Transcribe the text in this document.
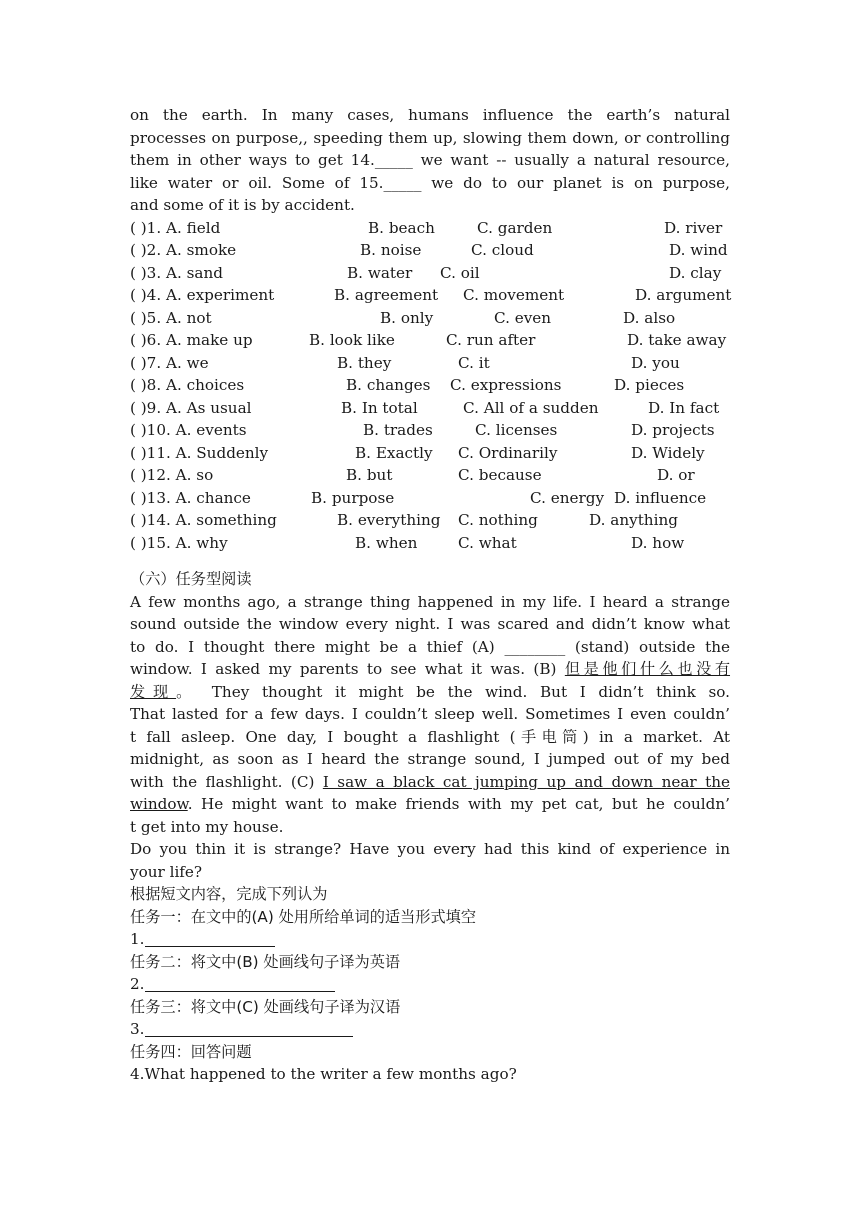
on the earth. In many cases, humans influence the earth’s natural
processes on purpose,, speeding them up, slowing them down, or controlling
them in other ways to get 14._____ we want -- usually a natural resource,
like water or oil. Some of 15._____ we do to our planet is on purpose,
and some of it is by accident.
( )1. A. field	B. beach	C. garden	D. river
( )2. A. smoke	B. noise	C. cloud	D. wind
( )3. A. sand	B. water C. oil	D. clay
( )4. A. experiment	B. agreement C. movement	D. argument
( )5. A. not	B. only	C. even	D. also
( )6. A. make up	B. look like	C. run after	D. take away
( )7. A. we	B. they	C. it	D. you
( )8. A. choices	B. changes C. expressions	D. pieces
( )9. A. As usual	B. In total	C. All of a sudden	D. In fact
( )10. A. events	B. trades	C. licenses	D. projects
( )11. A. Suddenly	B. Exactly C. Ordinarily	D. Widely
( )12. A. so	B. but	C. because	D. or
( )13. A. chance	B. purpose	C. energy D. influence
( )14. A. something	B. everything C. nothing	D. anything
( )15. A. why	B. when	C. what	D. how
（六）任务型阅读
A few months ago, a strange thing happened in my life. I heard a strange
sound outside the window every night. I was scared and didn’t know what
to do. I thought there might be a thief (A) ________ (stand) outside the
window. I asked my parents to see what it was. (B) 但是他们什么也没有
发现。 They thought it might be the wind. But I didn’t think so.
That lasted for a few days. I couldn’t sleep well. Sometimes I even couldn’
t fall asleep. One day, I bought a flashlight (手电筒) in a market. At
midnight, as soon as I heard the strange sound, I jumped out of my bed
with the flashlight. (C) I saw a black cat jumping up and down near the
window. He might want to make friends with my pet cat, but he couldn’
t get into my house.
Do you thin it is strange? Have you every had this kind of experience in
your life?
根据短文内容，完成下列认为
任务一：在文中的(A) 处用所给单词的适当形式填空
1.
任务二：将文中(B) 处画线句子译为英语
2.
任务三：将文中(C) 处画线句子译为汉语
3.
任务四：回答问题
4.What happened to the writer a few months ago?
